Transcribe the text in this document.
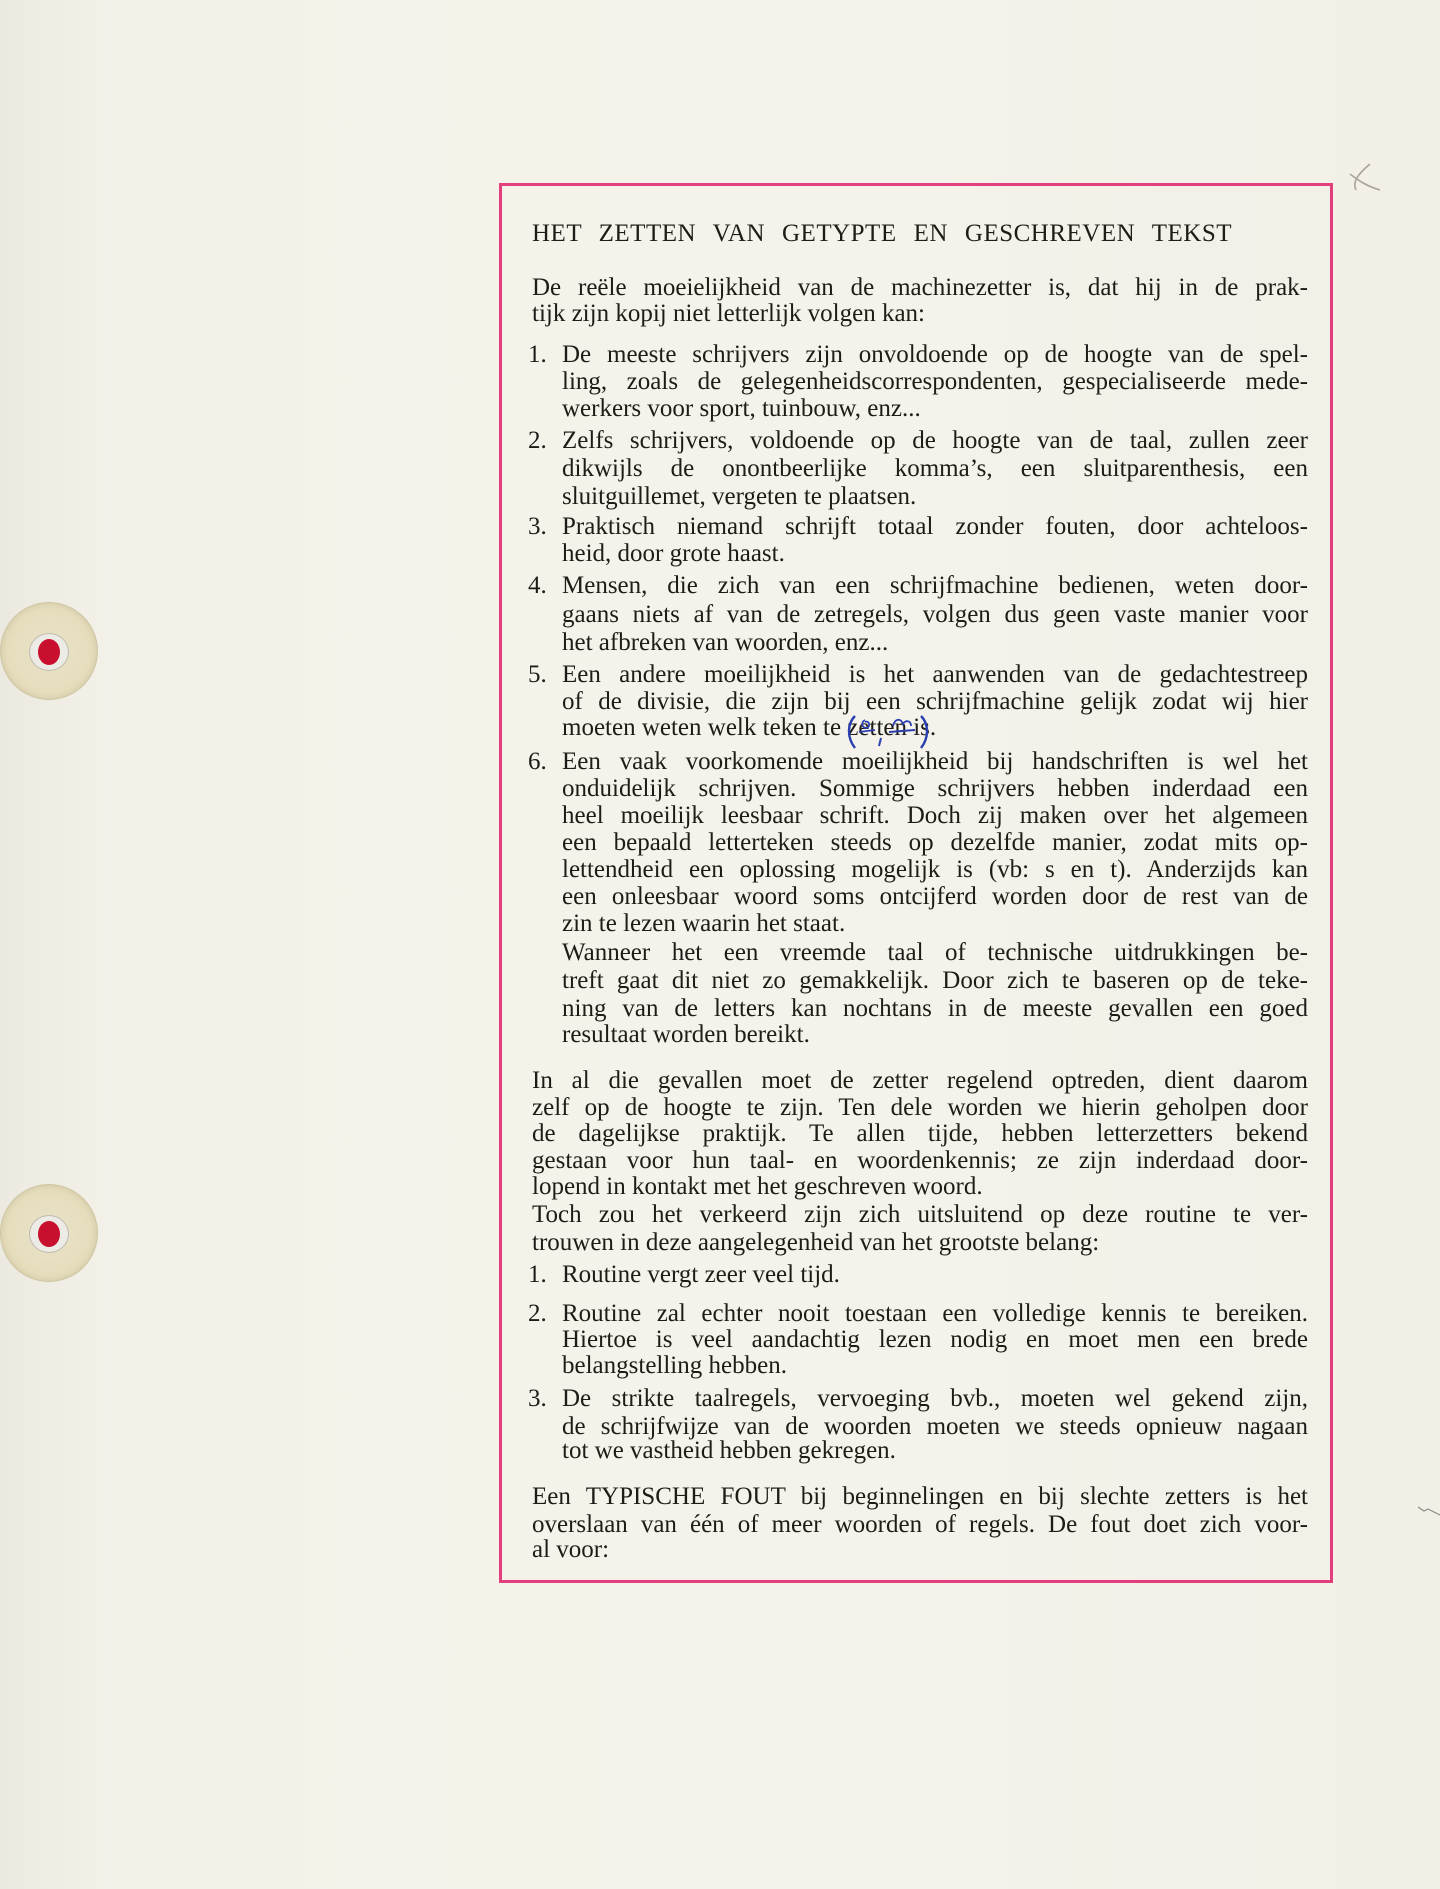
HET ZETTEN VAN GETYPTE EN GESCHREVEN TEKST
De reële moeielijkheid van de machinezetter is, dat hij in de prak-
tijk zijn kopij niet letterlijk volgen kan:
1. De meeste schrijvers zijn onvoldoende op de hoogte van de spel-
ling, zoals de gelegenheidscorrespondenten, gespecialiseerde mede-
werkers voor sport, tuinbouw, enz...
2. Zelfs schrijvers, voldoende op de hoogte van de taal, zullen zeer
dikwijls de onontbeerlijke komma’s, een sluitparenthesis, een
sluitguillemet, vergeten te plaatsen.
3. Praktisch niemand schrijft totaal zonder fouten, door achteloos-
heid, door grote haast.
4. Mensen, die zich van een schrijfmachine bedienen, weten door-
gaans niets af van de zetregels, volgen dus geen vaste manier voor
het afbreken van woorden, enz...
5. Een andere moeilijkheid is het aanwenden van de gedachtestreep
of de divisie, die zijn bij een schrijfmachine gelijk zodat wij hier
moeten weten welk teken te zetten is.
6. Een vaak voorkomende moeilijkheid bij handschriften is wel het
onduidelijk schrijven. Sommige schrijvers hebben inderdaad een
heel moeilijk leesbaar schrift. Doch zij maken over het algemeen
een bepaald letterteken steeds op dezelfde manier, zodat mits op-
lettendheid een oplossing mogelijk is (vb: s en t). Anderzijds kan
een onleesbaar woord soms ontcijferd worden door de rest van de
zin te lezen waarin het staat.
Wanneer het een vreemde taal of technische uitdrukkingen be-
treft gaat dit niet zo gemakkelijk. Door zich te baseren op de teke-
ning van de letters kan nochtans in de meeste gevallen een goed
resultaat worden bereikt.
In al die gevallen moet de zetter regelend optreden, dient daarom
zelf op de hoogte te zijn. Ten dele worden we hierin geholpen door
de dagelijkse praktijk. Te allen tijde, hebben letterzetters bekend
gestaan voor hun taal- en woordenkennis; ze zijn inderdaad door-
lopend in kontakt met het geschreven woord.
Toch zou het verkeerd zijn zich uitsluitend op deze routine te ver-
trouwen in deze aangelegenheid van het grootste belang:
1. Routine vergt zeer veel tijd.
2. Routine zal echter nooit toestaan een volledige kennis te bereiken.
Hiertoe is veel aandachtig lezen nodig en moet men een brede
belangstelling hebben.
3. De strikte taalregels, vervoeging bvb., moeten wel gekend zijn,
de schrijfwijze van de woorden moeten we steeds opnieuw nagaan
tot we vastheid hebben gekregen.
Een TYPISCHE FOUT bij beginnelingen en bij slechte zetters is het
overslaan van één of meer woorden of regels. De fout doet zich voor-
al voor:
